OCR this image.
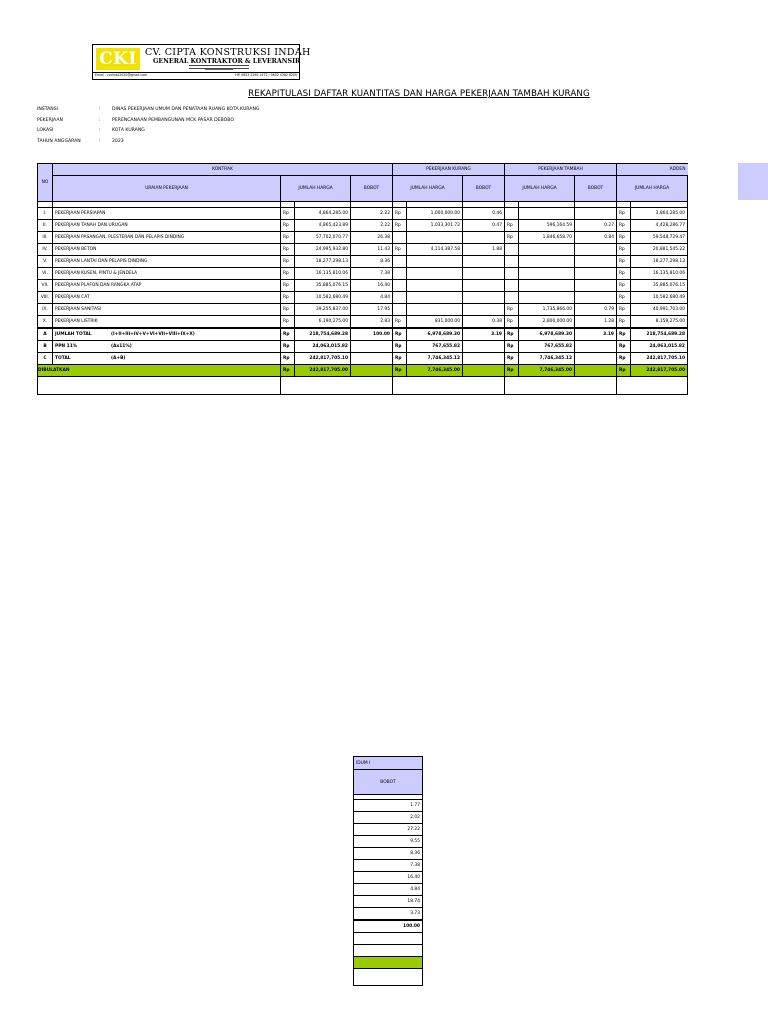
CKI CV. CIPTA KONSTRUKSI INDAH
GENERAL KONTRAKTOR & LEVERANSIR
Email : cvcinda2020@gmail.com	HP. 0823 2295 1472 / 0852 4382 8200
REKAPITULASI DAFTAR KUANTITAS DAN HARGA PEKERJAAN TAMBAH KURANG
INSTANSI	: DINAS PEKERJAAN UMUM DAN PENATAAN RUANG KOTA KURANG
PEKERJAAN	: PERENCANAAN PEMBANGUNAN MCK PASAR DEBOBO
LOKASI	: KOTA KURANG
TAHUN ANGGARAN	: 2023
NO	KONTRAK				PEKERJAAN KURANG			PEKERJAAN TAMBAH			ADDEN	
	URAIAN PEKERJAAN	JUMLAH HARGA		BOBOT	JUMLAH HARGA		BOBOT	JUMLAH HARGA		BOBOT	JUMLAH HARGA	

I.	PEKERJAAN PERSIAPAN	Rp	4,864,285.00	2.22	Rp	1,000,000.00	0.46				Rp	3,864,285.00
II.	PEKERJAAN TANAH DAN URUGAN	Rp	4,865,423.89	2.22	Rp	1,033,301.72	0.47	Rp	596,164.59	0.27	Rp	4,428,286.77
III.	PEKERJAAN PASANGAN, PLESTERAN DAN PELAPIS DINDING	Rp	57,702,070.77	26.38				Rp	1,846,658.70	0.84	Rp	59,548,729.47
IV.	PEKERJAAN BETON	Rp	24,995,932.80	11.43	Rp	4,114,387.58	1.88				Rp	20,881,545.22
V.	PEKERJAAN LANTAI DAN PELAPIS DINDING	Rp	18,277,298.13	8.36							Rp	18,277,298.13
VI.	PEKERJAAN KUSEN, PINTU & JENDELA	Rp	16,135,810.06	7.38							Rp	16,135,810.06
VII.	PEKERJAAN PLAFON DAN RANGKA ATAP	Rp	35,885,076.15	16.40							Rp	35,885,076.15
VIII.	PEKERJAAN CAT	Rp	10,582,680.49	4.84							Rp	10,582,680.49
IX.	PEKERJAAN SANITASI	Rp	39,255,837.00	17.95				Rp	1,735,866.00	0.79	Rp	40,991,703.00
X.	PEKERJAAN LISTRIK	Rp	6,190,275.00	2.83	Rp	831,000.00	0.38	Rp	2,800,000.00	1.28	Rp	8,159,275.00
A	JUMLAH TOTAL (I+II+III+IV+V+VI+VII+VIII+IX+X)	Rp	218,754,689.28	100.00	Rp	6,978,689.30	3.19	Rp	6,978,689.30	3.19	Rp	218,754,689.28
B	PPN 11% (Ax11%)	Rp	24,063,015.82		Rp	767,655.82		Rp	767,655.82		Rp	24,063,015.82
C	TOTAL (A+B)	Rp	242,817,705.10		Rp	7,746,345.12		Rp	7,746,345.12		Rp	242,817,705.10
DIBULATKAN		Rp	242,817,705.00		Rp	7,746,345.00		Rp	7,746,345.00		Rp	242,817,705.00

IDUM I
BOBOT

1.77
2.02
27.22
9.55
8.36
7.38
16.40
4.84
18.74
3.73
100.00
